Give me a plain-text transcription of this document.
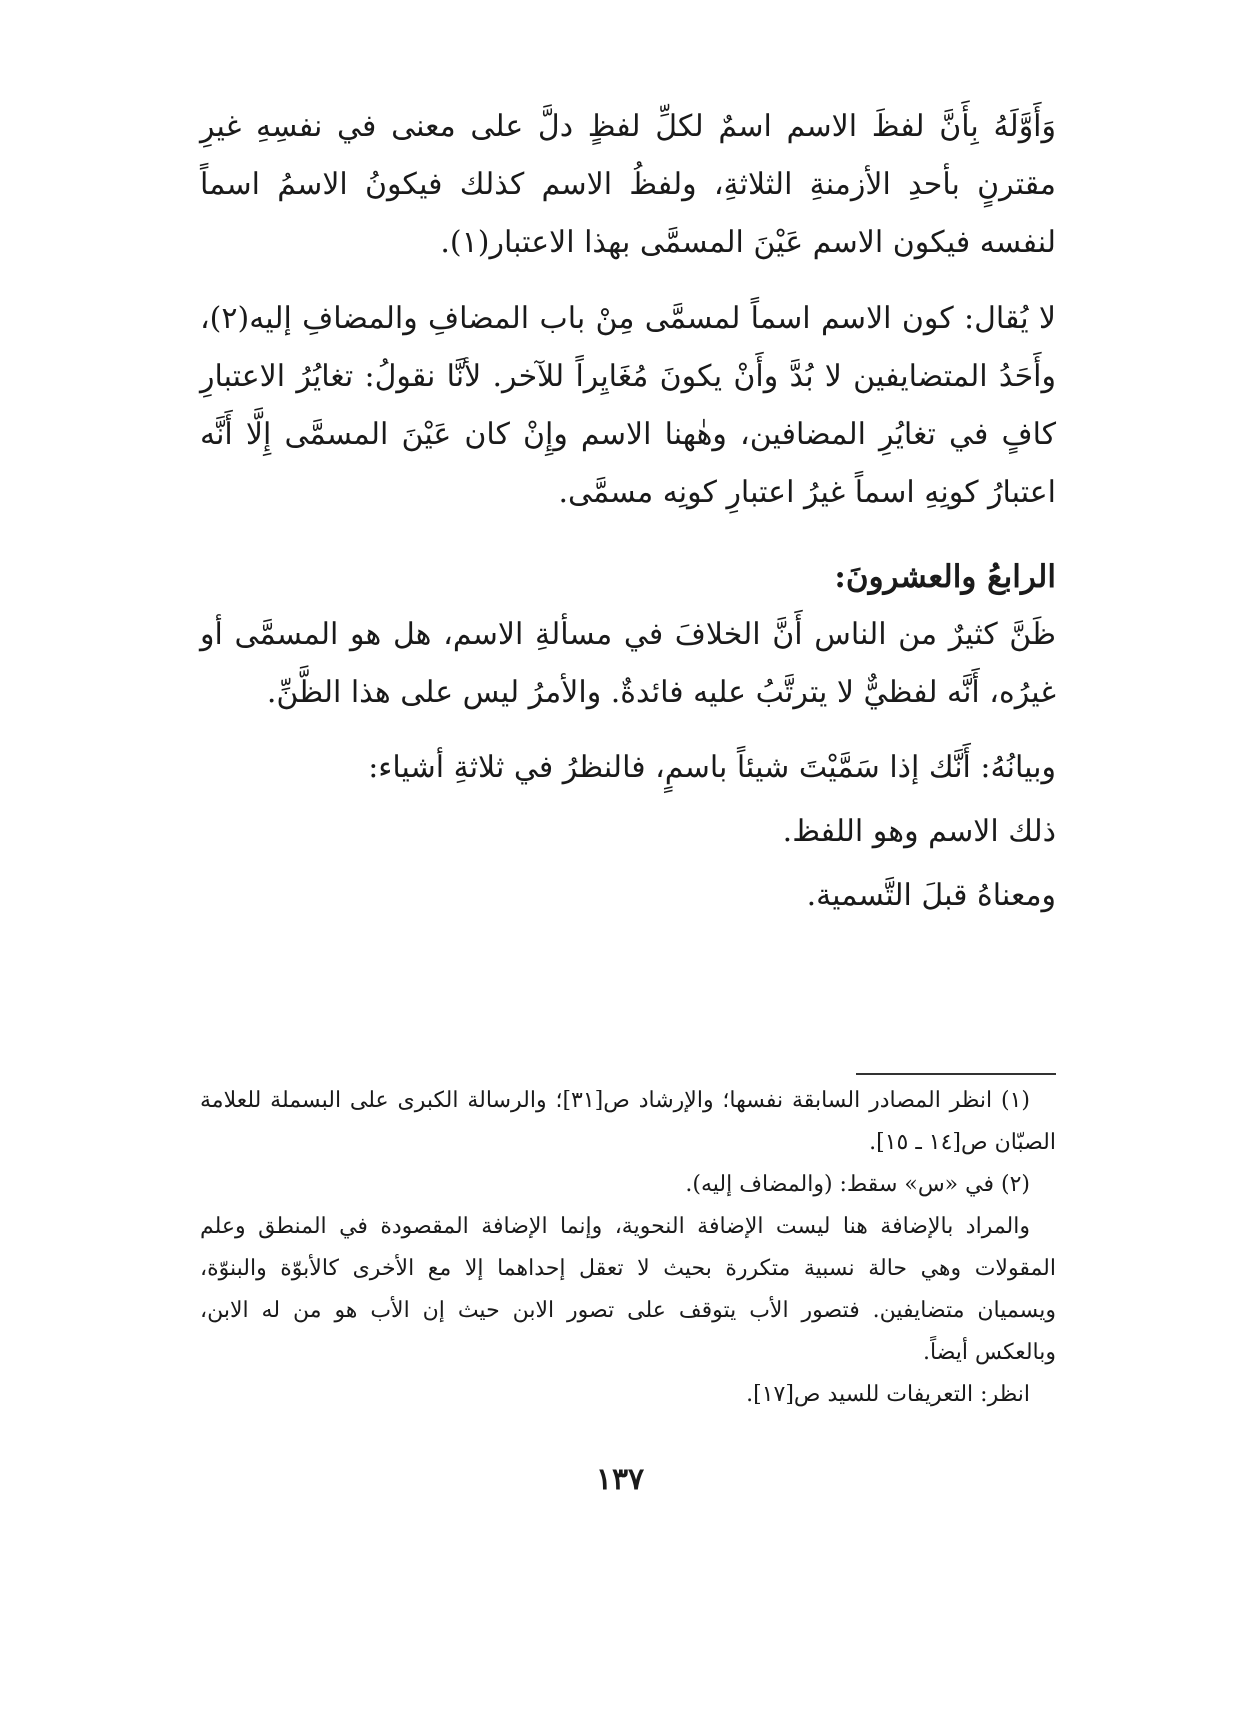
وَأَوَّلَهُ بِأَنَّ لفظَ الاسم اسمٌ لكلِّ لفظٍ دلَّ على معنى في نفسِهِ غيرِ مقترنٍ بأحدِ الأزمنةِ الثلاثةِ، ولفظُ الاسم كذلك فيكونُ الاسمُ اسماً لنفسه فيكون الاسم عَيْنَ المسمَّى بهذا الاعتبار(١).

لا يُقال: كون الاسم اسماً لمسمَّى مِنْ باب المضافِ والمضافِ إليه(٢)، وأَحَدُ المتضايفين لا بُدَّ وأَنْ يكونَ مُغَايِراً للآخر. لأنَّا نقولُ: تغايُرُ الاعتبارِ كافٍ في تغايُرِ المضافين، وهٰهنا الاسم وإِنْ كان عَيْنَ المسمَّى إِلَّا أَنَّه اعتبارُ كونِهِ اسماً غيرُ اعتبارِ كونِه مسمَّى.

الرابعُ والعشرونَ:

ظَنَّ كثيرٌ من الناس أَنَّ الخلافَ في مسألةِ الاسم، هل هو المسمَّى أو غيرُه، أَنَّه لفظيٌّ لا يترتَّبُ عليه فائدةٌ. والأمرُ ليس على هذا الظَّنِّ.

وبيانُهُ: أَنَّك إذا سَمَّيْتَ شيئاً باسمٍ، فالنظرُ في ثلاثةِ أشياء:

ذلك الاسم وهو اللفظ.

ومعناهُ قبلَ التَّسمية.

(١) انظر المصادر السابقة نفسها؛ والإرشاد ص[٣١]؛ والرسالة الكبرى على البسملة للعلامة الصبّان ص[١٤ ـ ١٥].

(٢) في «س» سقط: (والمضاف إليه).

والمراد بالإضافة هنا ليست الإضافة النحوية، وإنما الإضافة المقصودة في المنطق وعلم المقولات وهي حالة نسبية متكررة بحيث لا تعقل إحداهما إلا مع الأخرى كالأبوّة والبنوّة، ويسميان متضايفين. فتصور الأب يتوقف على تصور الابن حيث إن الأب هو من له الابن، وبالعكس أيضاً.

انظر: التعريفات للسيد ص[١٧].

١٣٧
